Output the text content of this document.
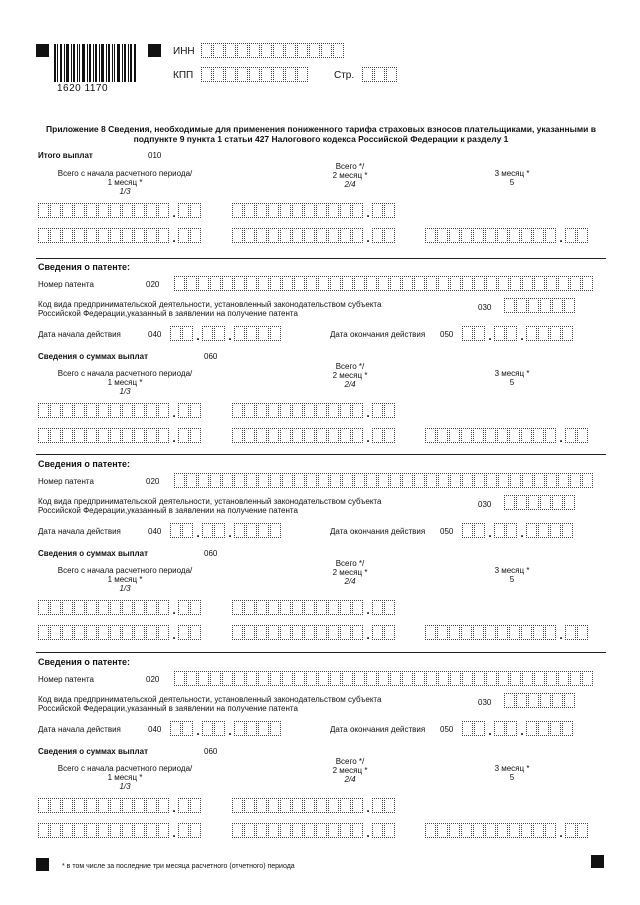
1620 1170
ИНН
КПП	Стр.
Приложение 8 Сведения, необходимые для применения пониженного тарифа страховых взносов плательщиками, указанными в подпункте 9 пункта 1 статьи 427 Налогового кодекса Российской Федерации к разделу 1
Итого выплат	010
Всего с начала расчетного периода/
1 месяц *
1/3
Всего */
2 месяц *
2/4
3 месяц *
5
.	.
.	.	.
Сведения о патенте:
Номер патента	020
Код вида предпринимательской деятельности, установленный законодательством субъекта
Российской Федерации,указанный в заявлении на получение патента
030
Дата начала действия	040	. .	Дата окончания действия 050	. .
Сведения о суммах выплат	060
Всего с начала расчетного периода/
1 месяц *
1/3
Всего */
2 месяц *
2/4
3 месяц *
5
.	.
.	.	.
Сведения о патенте:
Номер патента	020
Код вида предпринимательской деятельности, установленный законодательством субъекта
Российской Федерации,указанный в заявлении на получение патента
030
Дата начала действия	040	. .	Дата окончания действия 050	. .
Сведения о суммах выплат	060
Всего с начала расчетного периода/
1 месяц *
1/3
Всего */
2 месяц *
2/4
3 месяц *
5
.	.
.	.	.
Сведения о патенте:
Номер патента	020
Код вида предпринимательской деятельности, установленный законодательством субъекта
Российской Федерации,указанный в заявлении на получение патента
030
Дата начала действия	040	. .	Дата окончания действия 050	. .
Сведения о суммах выплат	060
Всего с начала расчетного периода/
1 месяц *
1/3
Всего */
2 месяц *
2/4
3 месяц *
5
.	.
.	.	.
* в том числе за последние три месяца расчетного (отчетного) периода
